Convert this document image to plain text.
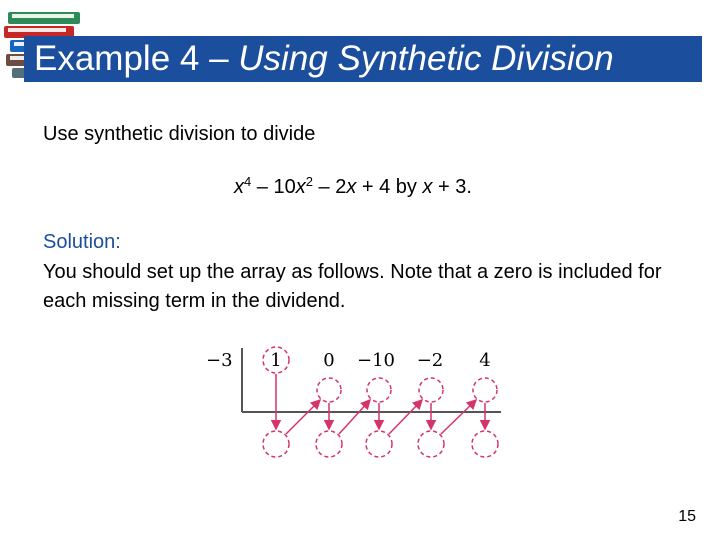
Example 4 – Using Synthetic Division
Use synthetic division to divide
$x^4 - 10x^2 - 2x + 4$ by x + 3.
Solution:
You should set up the array as follows. Note that a zero is included for each missing term in the dividend.
−3 1 0 −10 −2 4
15
